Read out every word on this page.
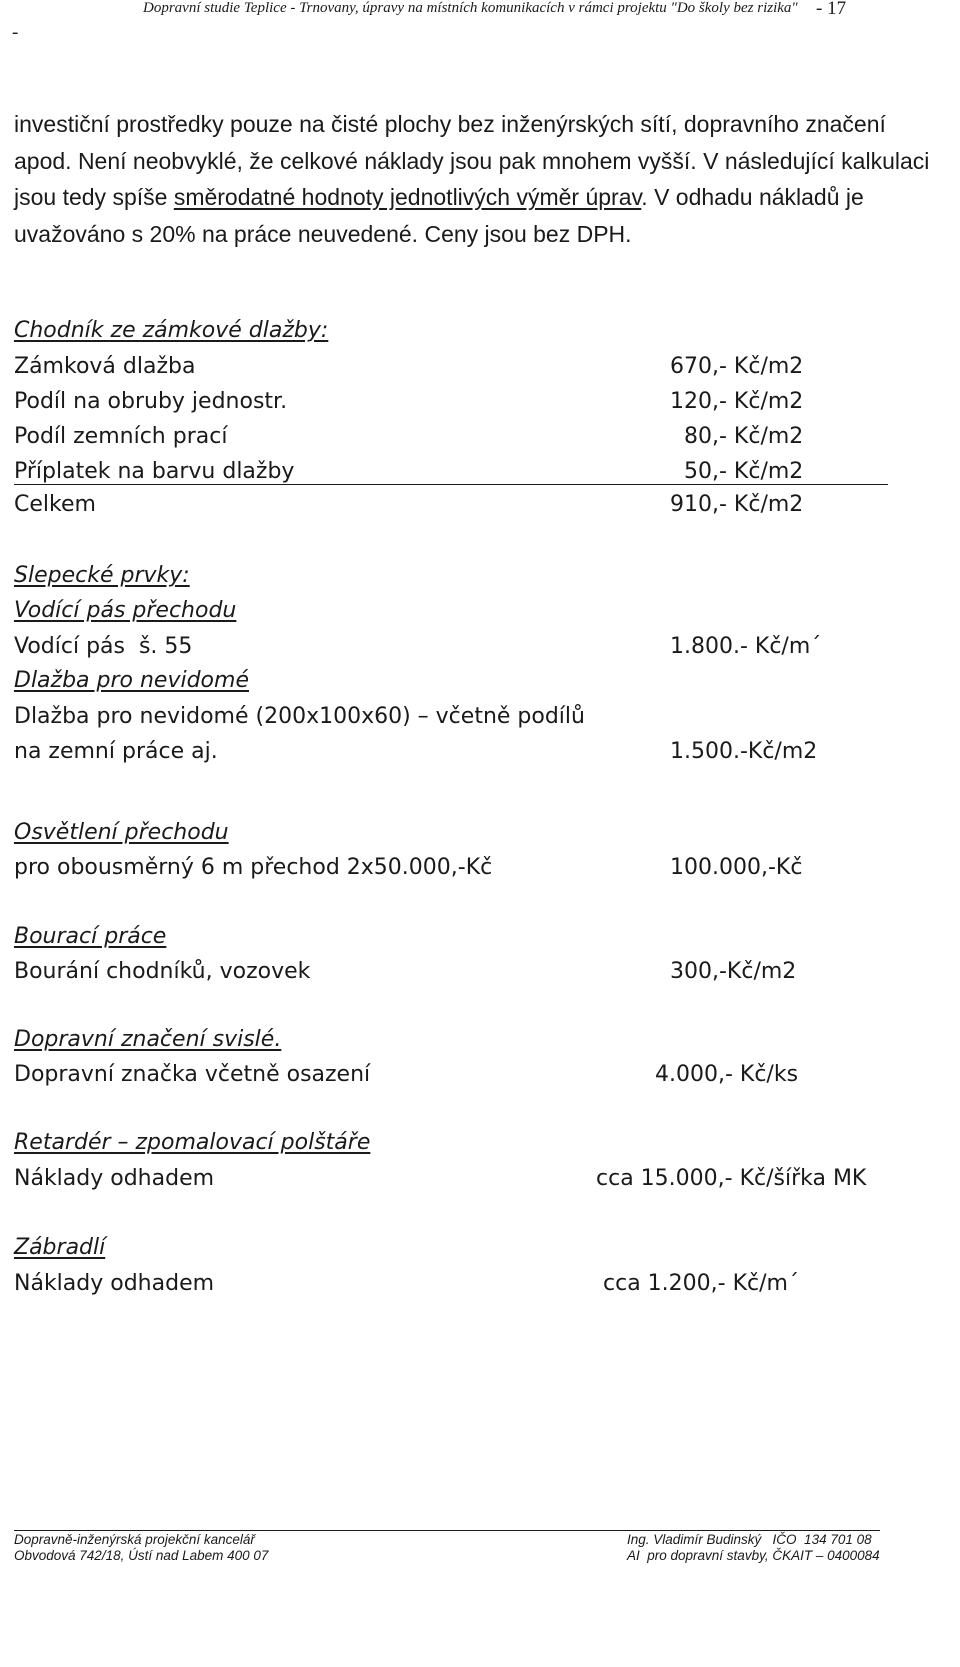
-
Dopravní studie Teplice - Trnovany, úpravy na místních komunikacích v rámci projektu "Do školy bez rizika" - 17
investiční prostředky pouze na čisté plochy bez inženýrských sítí, dopravního značení apod. Není neobvyklé, že celkové náklady jsou pak mnohem vyšší. V následující kalkulaci jsou tedy spíše směrodatné hodnoty jednotlivých výměr úprav. V odhadu nákladů je uvažováno s 20% na práce neuvedené. Ceny jsou bez DPH.
Chodník ze zámkové dlažby:
Zámková dlažba	670,- Kč/m2
Podíl na obruby jednostr.	120,- Kč/m2
Podíl zemních prací	80,- Kč/m2
Příplatek na barvu dlažby	50,- Kč/m2
Celkem	910,- Kč/m2
Slepecké prvky:
Vodící pás přechodu
Vodící pás  š. 55	1.800.- Kč/m´
Dlažba pro nevidomé
Dlažba pro nevidomé (200x100x60) – včetně podílů
na zemní práce aj.	1.500.-Kč/m2
Osvětlení přechodu
pro obousměrný 6 m přechod 2x50.000,-Kč	100.000,-Kč
Bourací práce
Bourání chodníků, vozovek	300,-Kč/m2
Dopravní značení svislé.
Dopravní značka včetně osazení	4.000,- Kč/ks
Retardér – zpomalovací polštáře
Náklady odhadem	cca 15.000,- Kč/šířka MK
Zábradlí
Náklady odhadem	cca 1.200,- Kč/m´
Dopravně-inženýrská projekční kancelář
Obvodová 742/18, Ústí nad Labem 400 07
Ing. Vladimír Budinský   IČO  134 701 08
AI  pro dopravní stavby, ČKAIT – 0400084
